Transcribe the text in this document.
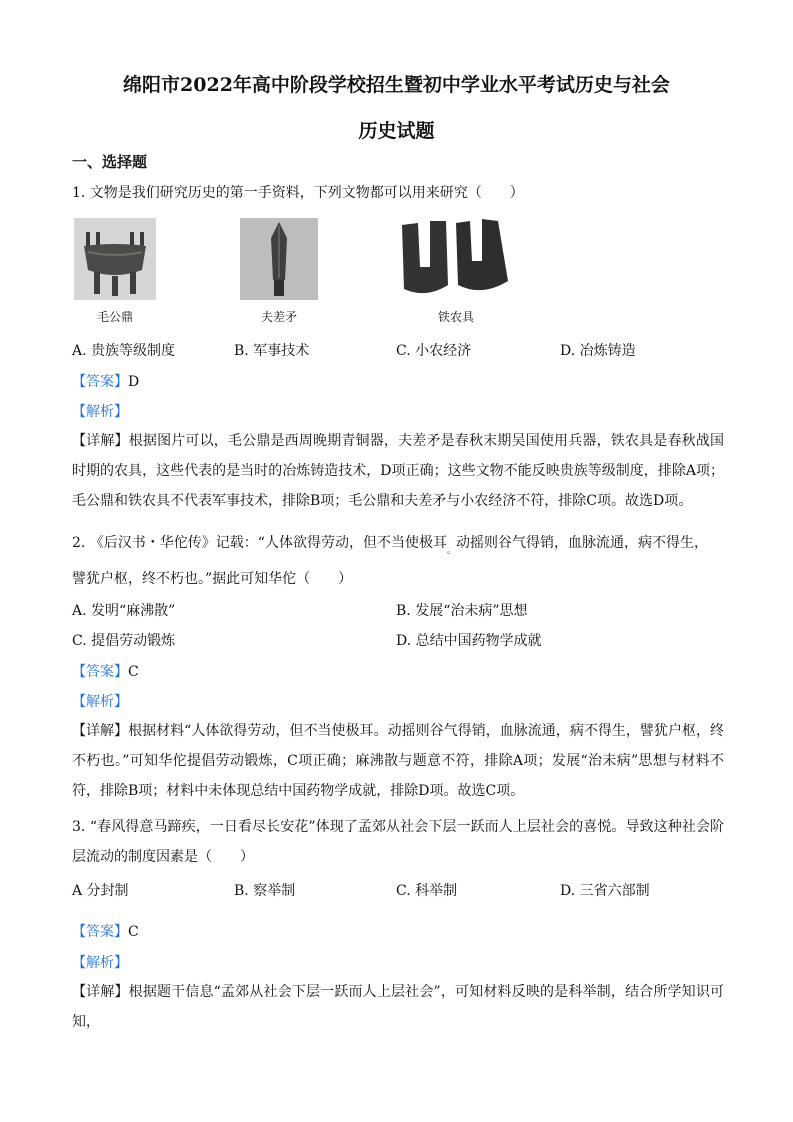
绵阳市2022年高中阶段学校招生暨初中学业水平考试历史与社会
历史试题
一、选择题
1. 文物是我们研究历史的第一手资料，下列文物都可以用来研究（　　）
毛公鼎	夫差矛	铁农具
A. 贵族等级制度	B. 军事技术	C. 小农经济	D. 冶炼铸造
【答案】D
【解析】
【详解】根据图片可以，毛公鼎是西周晚期青铜器，夫差矛是春秋末期吴国使用兵器，铁农具是春秋战国时期的农具，这些代表的是当时的冶炼铸造技术，D项正确；这些文物不能反映贵族等级制度，排除A项；毛公鼎和铁农具不代表军事技术，排除B项；毛公鼎和夫差矛与小农经济不符，排除C项。故选D项。
2. 《后汉书・华佗传》记载：“人体欲得劳动，但不当使极耳$_。$动摇则谷气得销，血脉流通，病不得生，
譬犹户枢，终不朽也。”据此可知华佗（　　）
A. 发明“麻沸散”	B. 发展“治未病”思想
C. 提倡劳动锻炼	D. 总结中国药物学成就
【答案】C
【解析】
【详解】根据材料“人体欲得劳动，但不当使极耳。动摇则谷气得销，血脉流通，病不得生，譬犹户枢，终不朽也。”可知华佗提倡劳动锻炼，C项正确；麻沸散与题意不符，排除A项；发展“治未病”思想与材料不符，排除B项；材料中未体现总结中国药物学成就，排除D项。故选C项。
3. “春风得意马蹄疾，一日看尽长安花”体现了孟郊从社会下层一跃而人上层社会的喜悦。导致这种社会阶层流动的制度因素是（　　）
A 分封制	B. 察举制	C. 科举制	D. 三省六部制
【答案】C
【解析】
【详解】根据题干信息“孟郊从社会下层一跃而人上层社会”，可知材料反映的是科举制，结合所学知识可知，
